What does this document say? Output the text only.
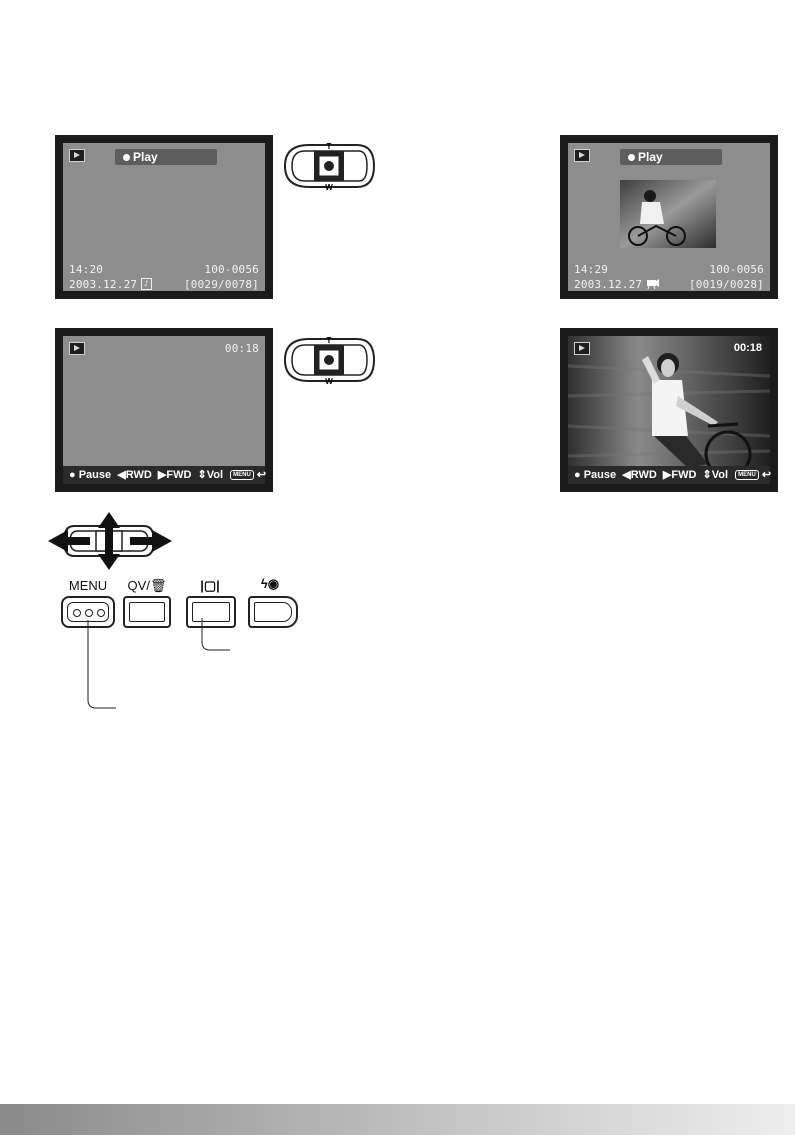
Play
14:20	100-0056
2003.12.27 ♪	[0029/0078]
T
W
Play
14:29	100-0056
2003.12.27	[0019/0028]
00:18
● Pause  ◀RWD  ▶FWD  ⇕Vol MENU ↩
T
W
00:18
● Pause  ◀RWD  ▶FWD  ⇕Vol MENU ↩
MENU	QV/🗑	|▢|	ϟ◉
